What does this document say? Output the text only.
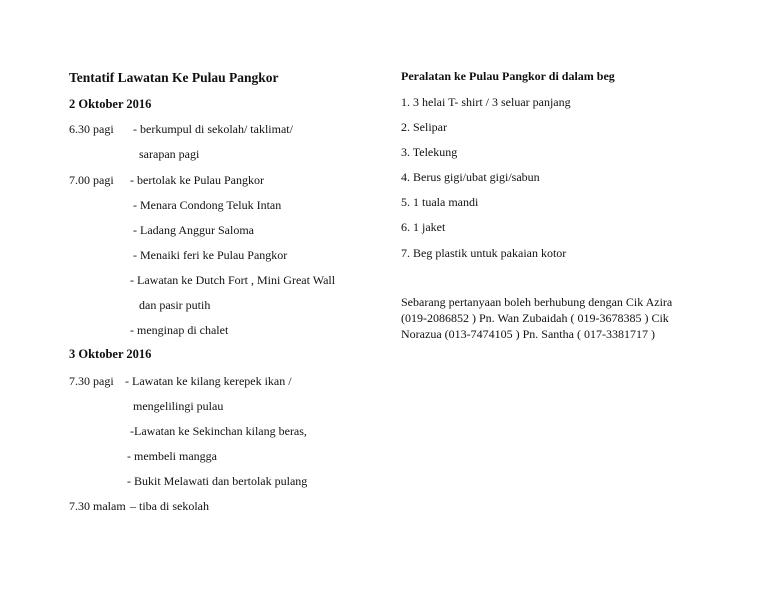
Tentatif Lawatan Ke Pulau Pangkor
2 Oktober 2016
6.30 pagi - berkumpul di sekolah/ taklimat/
sarapan pagi
7.00 pagi - bertolak ke Pulau Pangkor
- Menara Condong Teluk Intan
- Ladang Anggur Saloma
- Menaiki feri ke Pulau Pangkor
- Lawatan ke Dutch Fort , Mini Great Wall
dan pasir putih
- menginap di chalet
3 Oktober 2016
7.30 pagi - Lawatan ke kilang kerepek ikan /
mengelilingi pulau
-Lawatan ke Sekinchan kilang beras,
- membeli mangga
- Bukit Melawati dan bertolak pulang
7.30 malam – tiba di sekolah
Peralatan ke Pulau Pangkor di dalam beg
1. 3 helai T- shirt / 3 seluar panjang
2. Selipar
3. Telekung
4. Berus gigi/ubat gigi/sabun
5. 1 tuala mandi
6. 1 jaket
7. Beg plastik untuk pakaian kotor
Sebarang pertanyaan boleh berhubung dengan Cik Azira (019-2086852 ) Pn. Wan Zubaidah ( 019-3678385 ) Cik Norazua (013-7474105 ) Pn. Santha ( 017-3381717 )
